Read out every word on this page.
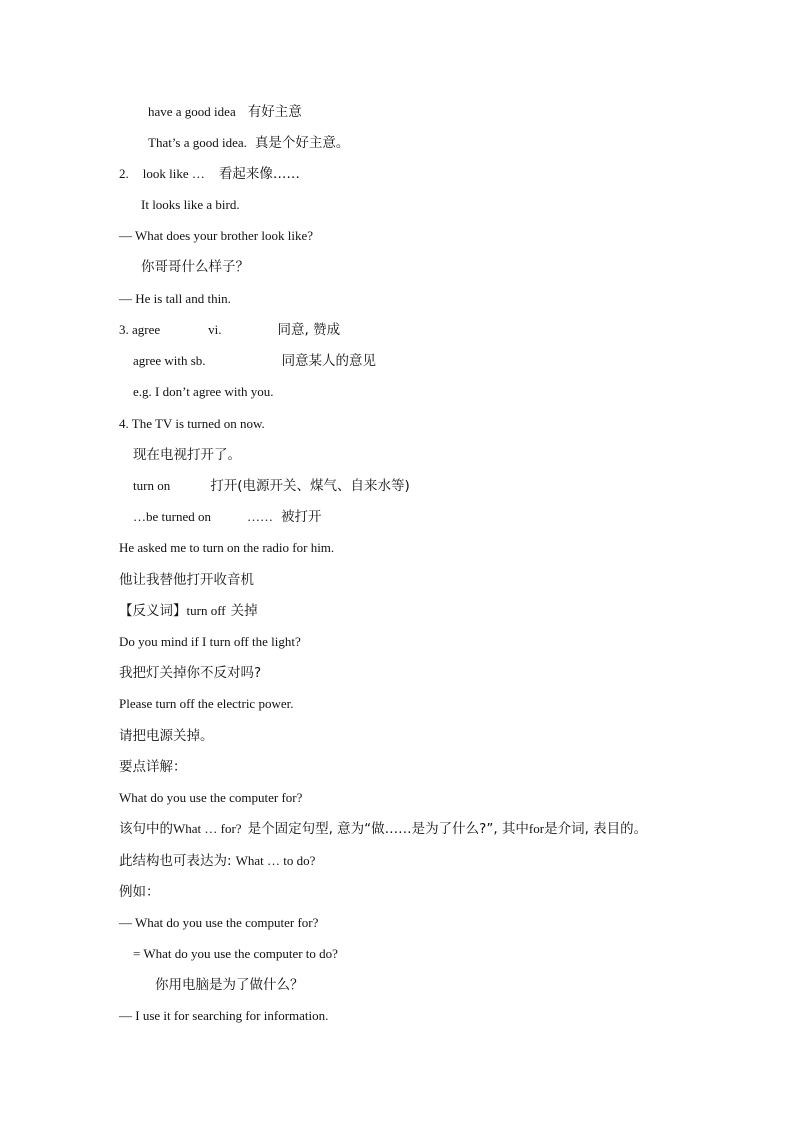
have a good idea 有好主意
That’s a good idea. 真是个好主意。
2. look like … 看起来像……
It looks like a bird.
— What does your brother look like?
你哥哥什么样子？
— He is tall and thin.
3. agree	vi.	同意, 赞成
agree with sb.	同意某人的意见
e.g. I don’t agree with you.
4. The TV is turned on now.
现在电视打开了。
turn on	打开(电源开关、煤气、自来水等)
…be turned on	…… 被打开
He asked me to turn on the radio for him.
他让我替他打开收音机
【反义词】turn off 关掉
Do you mind if I turn off the light?
我把灯关掉你不反对吗?
Please turn off the electric power.
请把电源关掉。
要点详解：
What do you use the computer for?
该句中的What … for? 是个固定句型, 意为“做……是为了什么?”, 其中for是介词, 表目的。
此结构也可表达为: What … to do?
例如：
— What do you use the computer for?
= What do you use the computer to do?
你用电脑是为了做什么？
— I use it for searching for information.
